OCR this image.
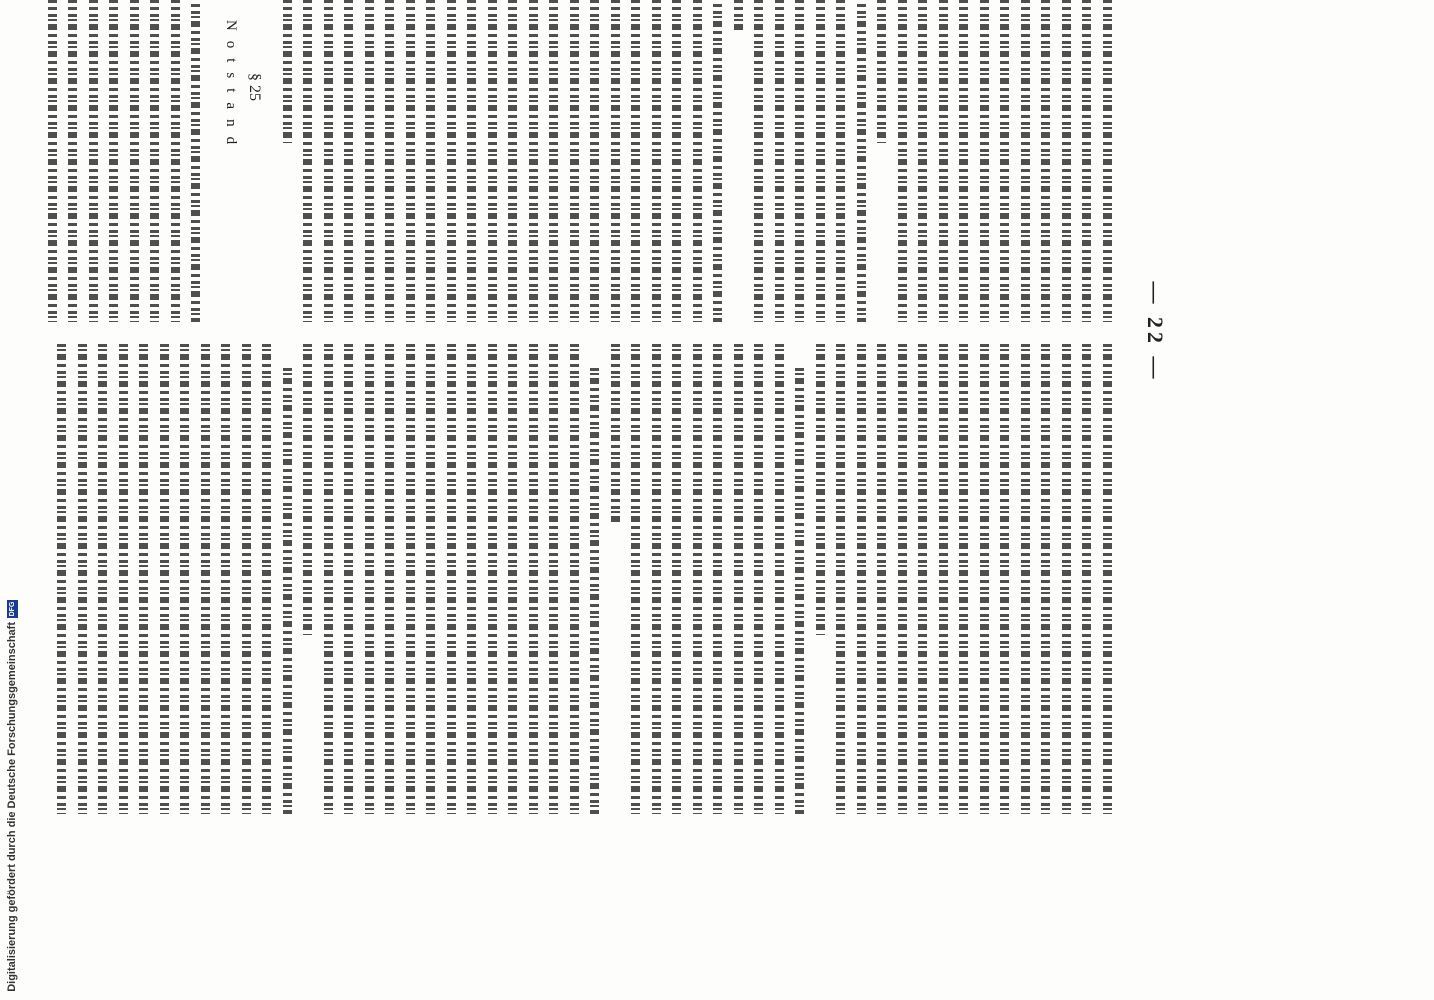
— 22 —
§ 25
Notstand
Digitalisierung gefördert durch die Deutsche Forschungsgemeinschaft
DFG
